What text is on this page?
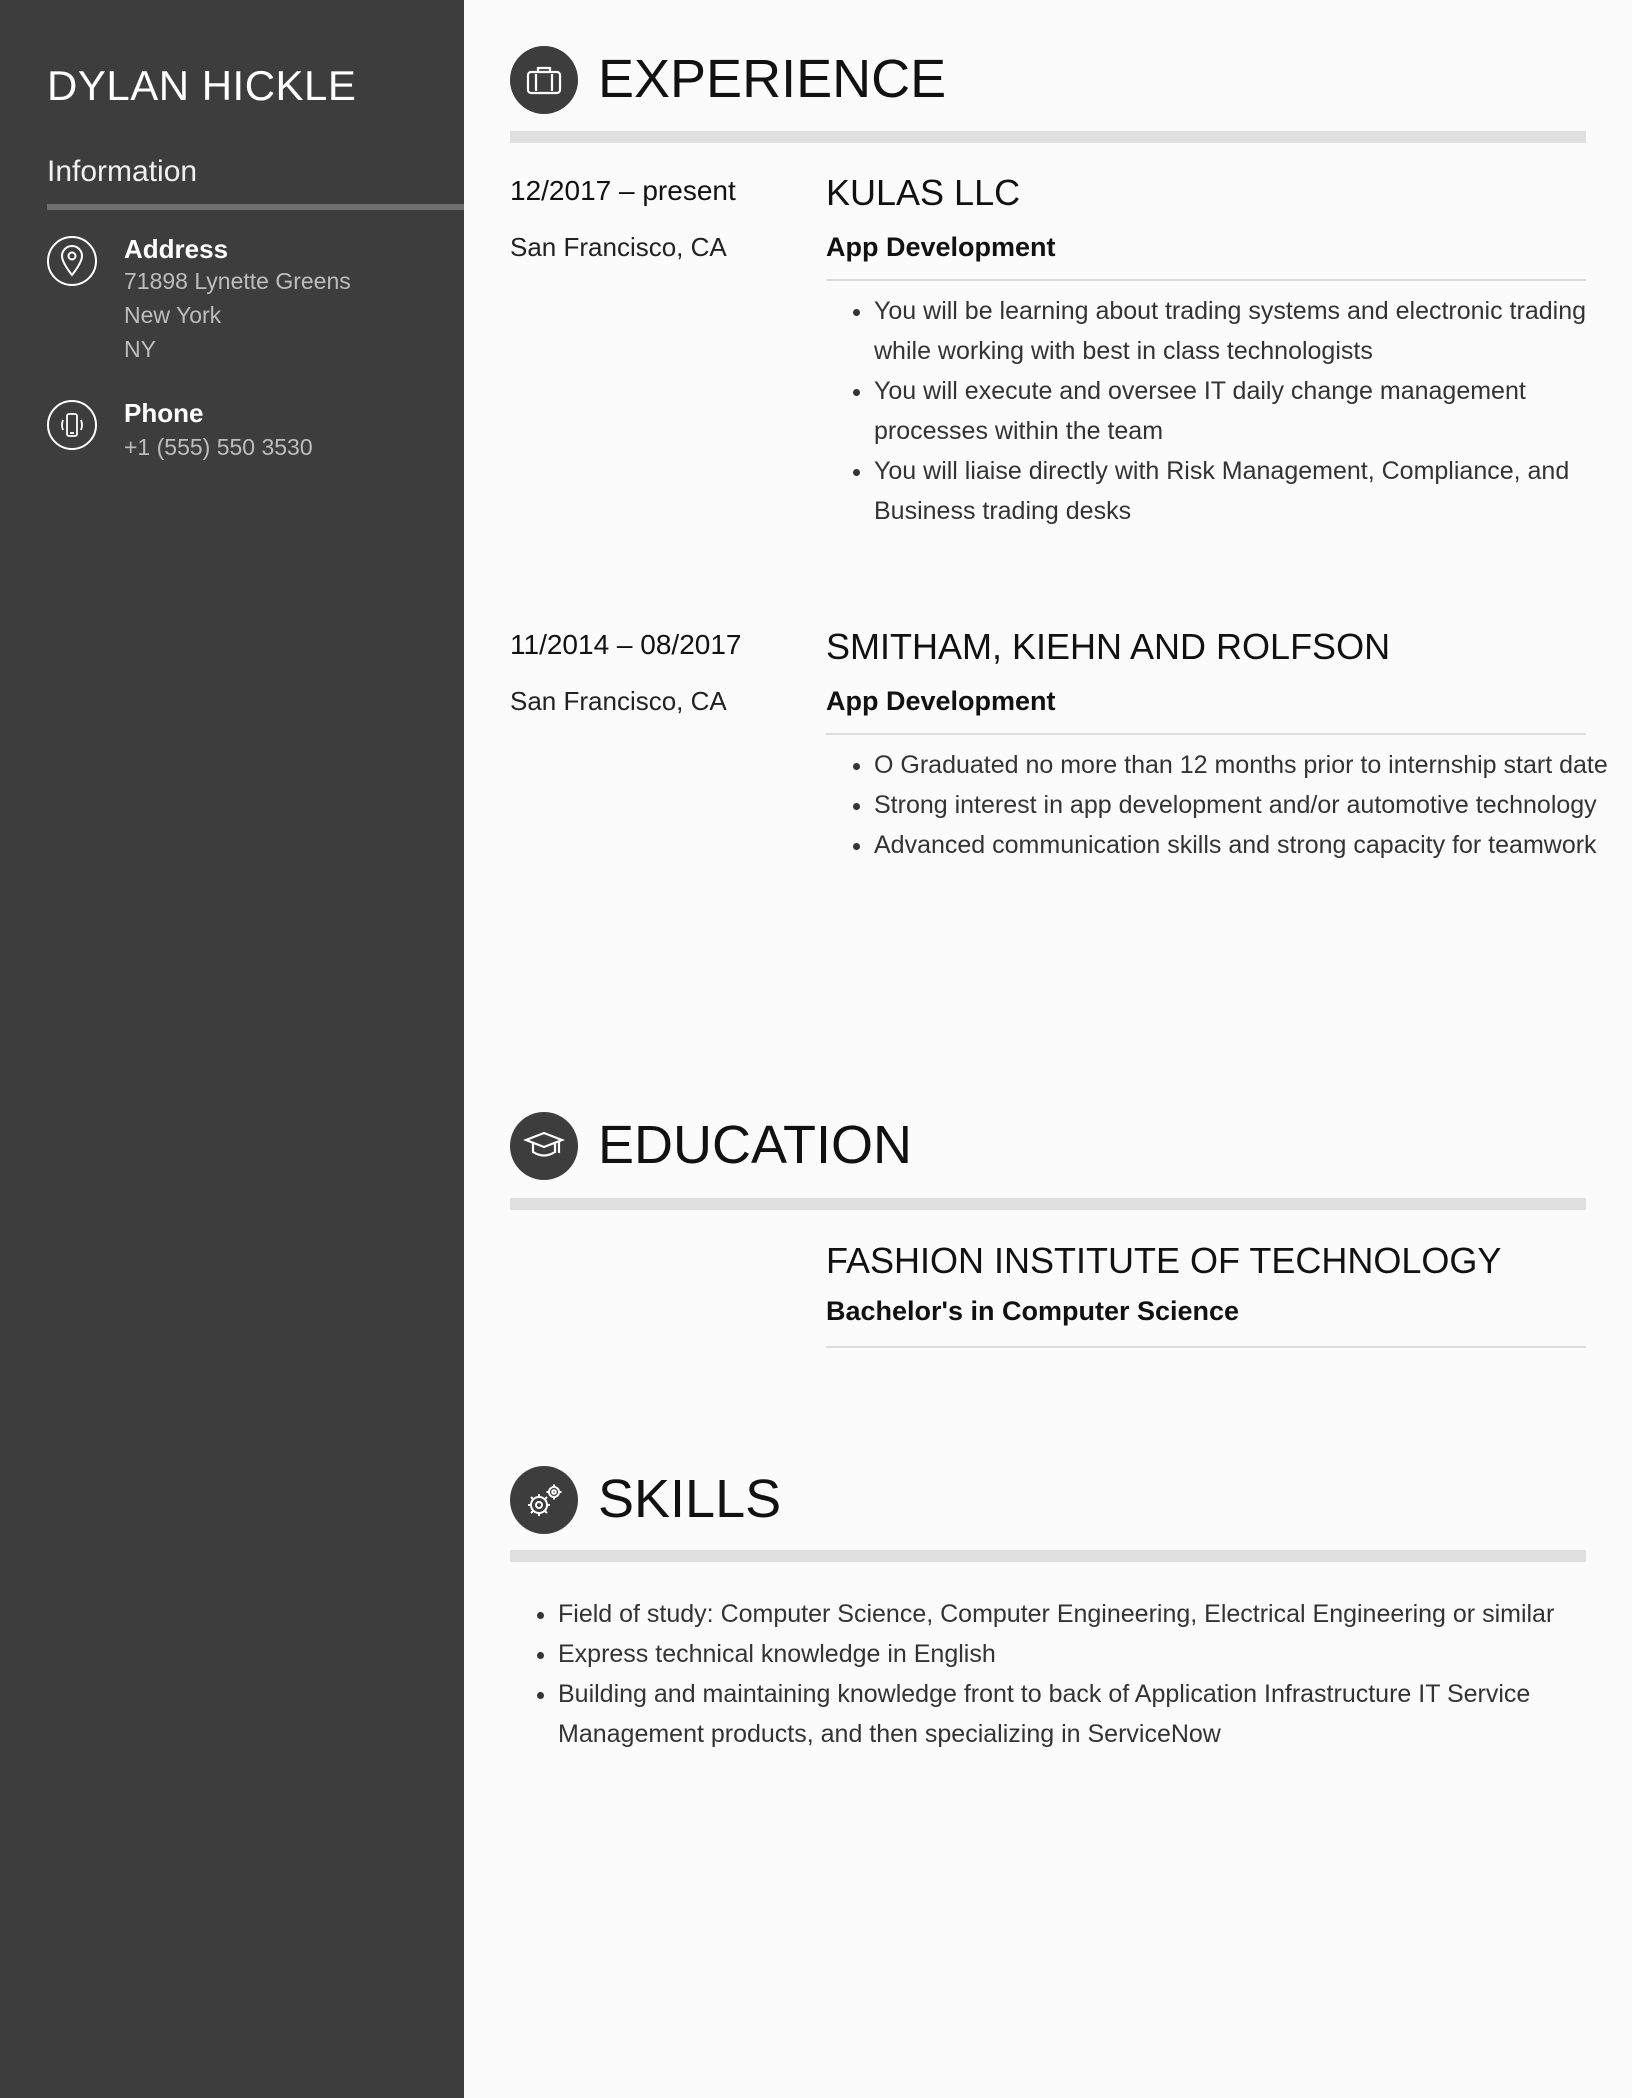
DYLAN HICKLE
Information
Address
71898 Lynette Greens
New York
NY
Phone
+1 (555) 550 3530
EXPERIENCE
12/2017 – present
San Francisco, CA
KULAS LLC
App Development
• You will be learning about trading systems and electronic trading while working with best in class technologists
• You will execute and oversee IT daily change management processes within the team
• You will liaise directly with Risk Management, Compliance, and Business trading desks
11/2014 – 08/2017
San Francisco, CA
SMITHAM, KIEHN AND ROLFSON
App Development
• O Graduated no more than 12 months prior to internship start date
• Strong interest in app development and/or automotive technology
• Advanced communication skills and strong capacity for teamwork
EDUCATION
FASHION INSTITUTE OF TECHNOLOGY
Bachelor's in Computer Science
SKILLS
• Field of study: Computer Science, Computer Engineering, Electrical Engineering or similar
• Express technical knowledge in English
• Building and maintaining knowledge front to back of Application Infrastructure IT Service Management products, and then specializing in ServiceNow
